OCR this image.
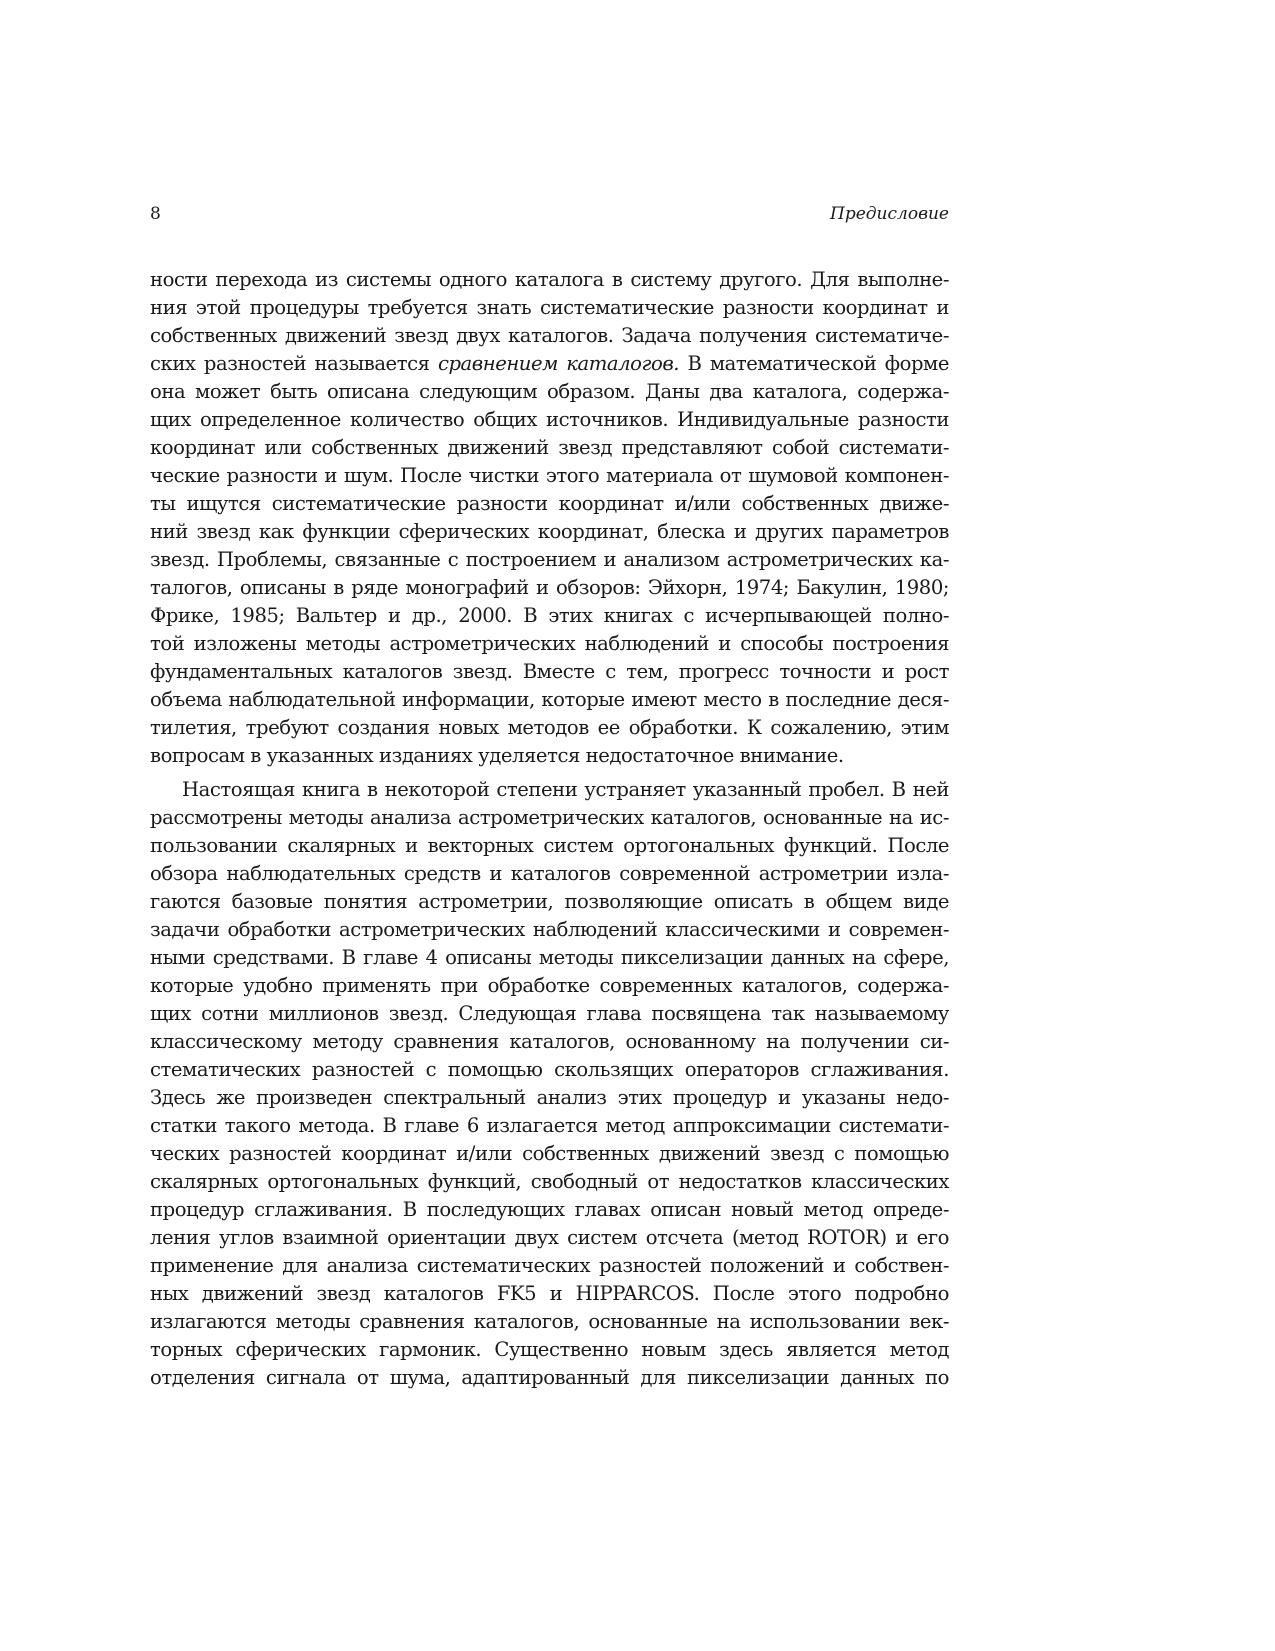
8	Предисловие
ности перехода из системы одного каталога в систему другого. Для выполне-
ния этой процедуры требуется знать систематические разности координат и
собственных движений звезд двух каталогов. Задача получения систематиче-
ских разностей называется сравнением каталогов. В математической форме
она может быть описана следующим образом. Даны два каталога, содержа-
щих определенное количество общих источников. Индивидуальные разности
координат или собственных движений звезд представляют собой системати-
ческие разности и шум. После чистки этого материала от шумовой компонен-
ты ищутся систематические разности координат и/или собственных движе-
ний звезд как функции сферических координат, блеска и других параметров
звезд. Проблемы, связанные с построением и анализом астрометрических ка-
талогов, описаны в ряде монографий и обзоров: Эйхорн, 1974; Бакулин, 1980;
Фрике, 1985; Вальтер и др., 2000. В этих книгах с исчерпывающей полно-
той изложены методы астрометрических наблюдений и способы построения
фундаментальных каталогов звезд. Вместе с тем, прогресс точности и рост
объема наблюдательной информации, которые имеют место в последние деся-
тилетия, требуют создания новых методов ее обработки. К сожалению, этим
вопросам в указанных изданиях уделяется недостаточное внимание.
Настоящая книга в некоторой степени устраняет указанный пробел. В ней
рассмотрены методы анализа астрометрических каталогов, основанные на ис-
пользовании скалярных и векторных систем ортогональных функций. После
обзора наблюдательных средств и каталогов современной астрометрии изла-
гаются базовые понятия астрометрии, позволяющие описать в общем виде
задачи обработки астрометрических наблюдений классическими и современ-
ными средствами. В главе 4 описаны методы пикселизации данных на сфере,
которые удобно применять при обработке современных каталогов, содержа-
щих сотни миллионов звезд. Следующая глава посвящена так называемому
классическому методу сравнения каталогов, основанному на получении си-
стематических разностей с помощью скользящих операторов сглаживания.
Здесь же произведен спектральный анализ этих процедур и указаны недо-
статки такого метода. В главе 6 излагается метод аппроксимации системати-
ческих разностей координат и/или собственных движений звезд с помощью
скалярных ортогональных функций, свободный от недостатков классических
процедур сглаживания. В последующих главах описан новый метод опреде-
ления углов взаимной ориентации двух систем отсчета (метод ROTOR) и его
применение для анализа систематических разностей положений и собствен-
ных движений звезд каталогов FK5 и HIPPARCOS. После этого подробно
излагаются методы сравнения каталогов, основанные на использовании век-
торных сферических гармоник. Существенно новым здесь является метод
отделения сигнала от шума, адаптированный для пикселизации данных по
